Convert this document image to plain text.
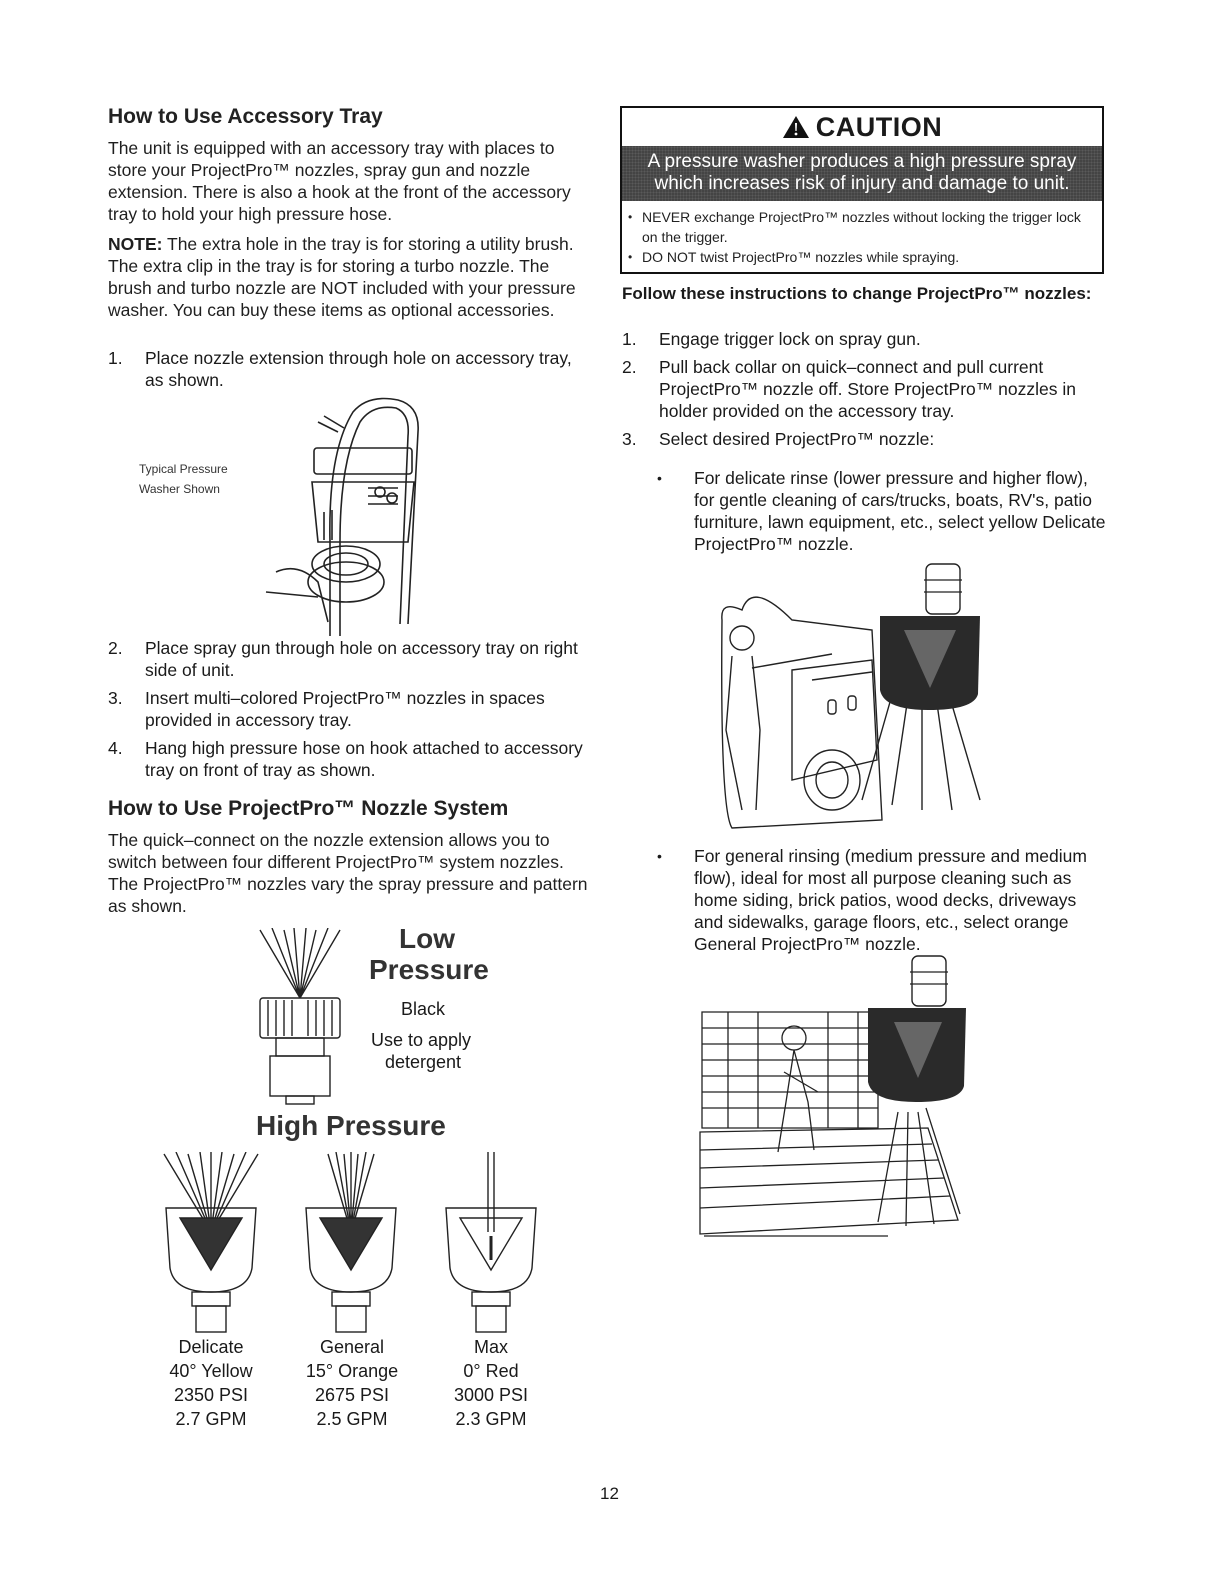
How to Use Accessory Tray

The unit is equipped with an accessory tray with places to store your ProjectPro™ nozzles, spray gun and nozzle extension. There is also a hook at the front of the accessory tray to hold your high pressure hose.

NOTE: The extra hole in the tray is for storing a utility brush. The extra clip in the tray is for storing a turbo nozzle. The brush and turbo nozzle are NOT included with your pressure washer. You can buy these items as optional accessories.

1. Place nozzle extension through hole on accessory tray, as shown.
Typical Pressure
Washer Shown
2. Place spray gun through hole on accessory tray on right side of unit.
3. Insert multi–colored ProjectPro™ nozzles in spaces provided in accessory tray.
4. Hang high pressure hose on hook attached to accessory tray on front of tray as shown.
How to Use ProjectPro™ Nozzle System

The quick–connect on the nozzle extension allows you to switch between four different ProjectPro™ system nozzles. The ProjectPro™ nozzles vary the spray pressure and pattern as shown.

Low
Pressure
Black
Use to apply
detergent
High Pressure
Delicate
40° Yellow
2350 PSI
2.7 GPM
General
15° Orange
2675 PSI
2.5 GPM
Max
0° Red
3000 PSI
2.3 GPM
CAUTION
A pressure washer produces a high pressure spray
which increases risk of injury and damage to unit.
• NEVER exchange ProjectPro™ nozzles without locking the trigger lock on the trigger.
• DO NOT twist ProjectPro™ nozzles while spraying.
Follow these instructions to change ProjectPro™ nozzles:
1. Engage trigger lock on spray gun.
2. Pull back collar on quick–connect and pull current ProjectPro™ nozzle off. Store ProjectPro™ nozzles in holder provided on the accessory tray.
3. Select desired ProjectPro™ nozzle:
• For delicate rinse (lower pressure and higher flow), for gentle cleaning of cars/trucks, boats, RV's, patio furniture, lawn equipment, etc., select yellow Delicate ProjectPro™ nozzle.
• For general rinsing (medium pressure and medium flow), ideal for most all purpose cleaning such as home siding, brick patios, wood decks, driveways and sidewalks, garage floors, etc., select orange General ProjectPro™ nozzle.
12
